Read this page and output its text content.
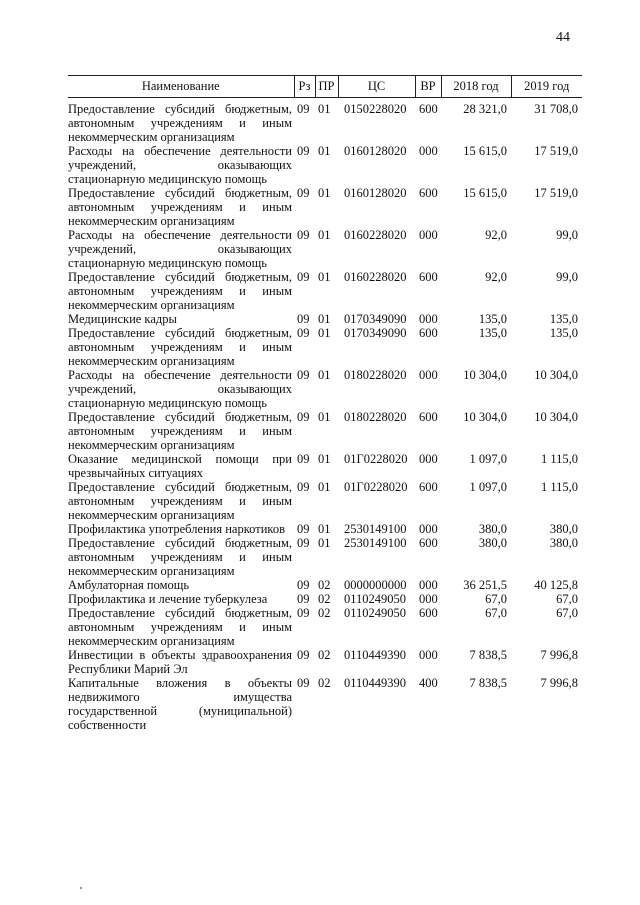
44
Наименование	Рз	ПР	ЦС	ВР	2018 год	2019 год
Предоставление субсидий бюджетным, автономным учреждениям и иным некоммерческим организациям	09	01	0150228020	600	28 321,0	31 708,0
Расходы на обеспечение деятельности учреждений, оказывающих стационарную медицинскую помощь	09	01	0160128020	000	15 615,0	17 519,0
Предоставление субсидий бюджетным, автономным учреждениям и иным некоммерческим организациям	09	01	0160128020	600	15 615,0	17 519,0
Расходы на обеспечение деятельности учреждений, оказывающих стационарную медицинскую помощь	09	01	0160228020	000	92,0	99,0
Предоставление субсидий бюджетным, автономным учреждениям и иным некоммерческим организациям	09	01	0160228020	600	92,0	99,0
Медицинские кадры	09	01	0170349090	000	135,0	135,0
Предоставление субсидий бюджетным, автономным учреждениям и иным некоммерческим организациям	09	01	0170349090	600	135,0	135,0
Расходы на обеспечение деятельности учреждений, оказывающих стационарную медицинскую помощь	09	01	0180228020	000	10 304,0	10 304,0
Предоставление субсидий бюджетным, автономным учреждениям и иным некоммерческим организациям	09	01	0180228020	600	10 304,0	10 304,0
Оказание медицинской помощи при чрезвычайных ситуациях	09	01	01Г0228020	000	1 097,0	1 115,0
Предоставление субсидий бюджетным, автономным учреждениям и иным некоммерческим организациям	09	01	01Г0228020	600	1 097,0	1 115,0
Профилактика употребления наркотиков	09	01	2530149100	000	380,0	380,0
Предоставление субсидий бюджетным, автономным учреждениям и иным некоммерческим организациям	09	01	2530149100	600	380,0	380,0
Амбулаторная помощь	09	02	0000000000	000	36 251,5	40 125,8
Профилактика и лечение туберкулеза	09	02	0110249050	000	67,0	67,0
Предоставление субсидий бюджетным, автономным учреждениям и иным некоммерческим организациям	09	02	0110249050	600	67,0	67,0
Инвестиции в объекты здравоохранения Республики Марий Эл	09	02	0110449390	000	7 838,5	7 996,8
Капитальные вложения в объекты недвижимого имущества государственной (муниципальной) собственности	09	02	0110449390	400	7 838,5	7 996,8
